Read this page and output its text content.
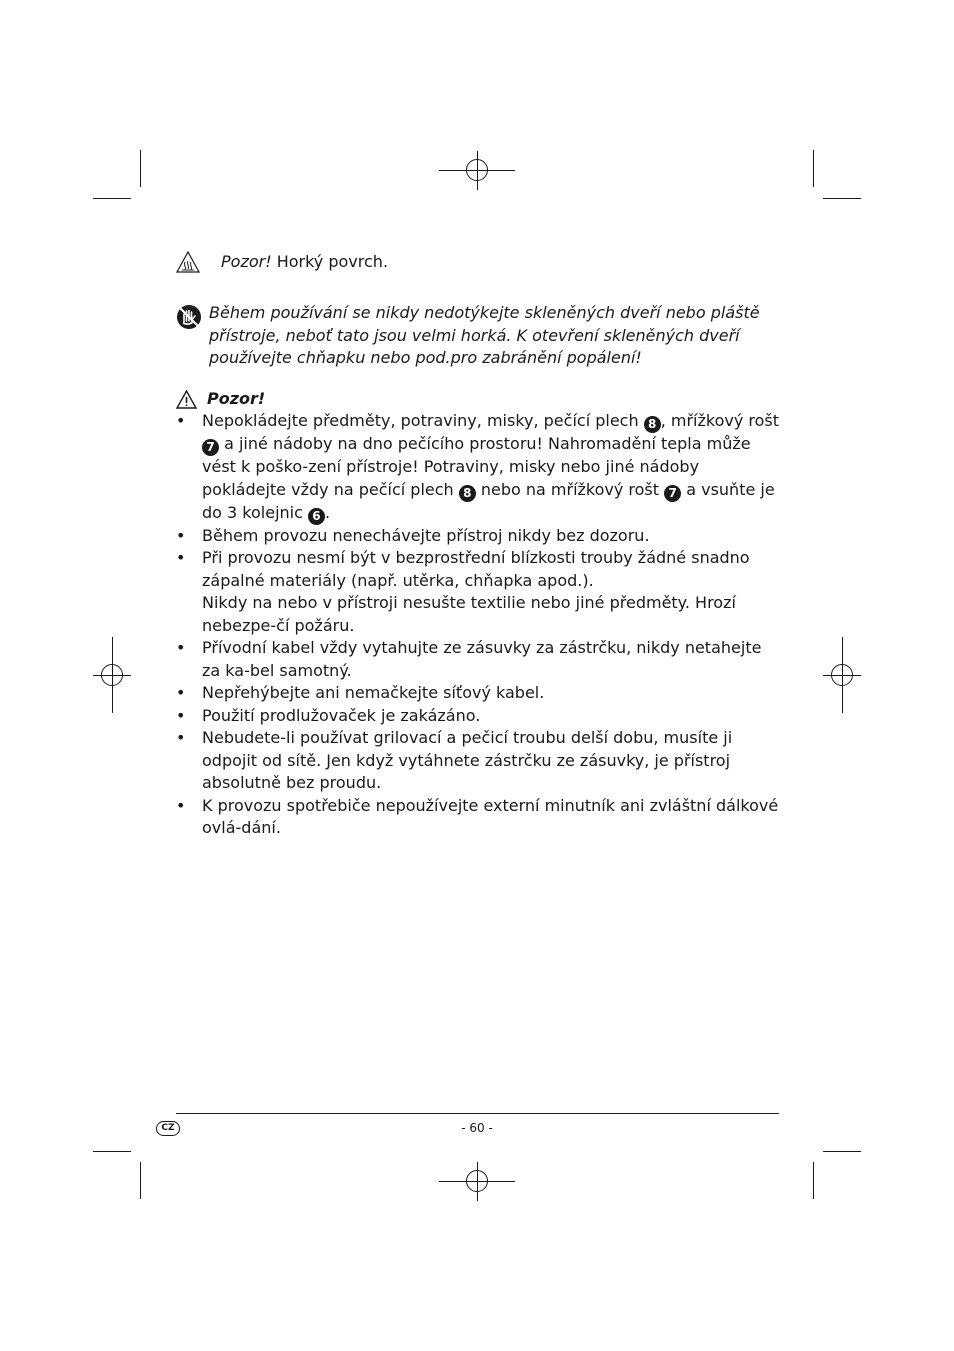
Pozor! Horký povrch.
Během používání se nikdy nedotýkejte skleněných dveří nebo pláště přístroje, neboť tato jsou velmi horká. K otevření skleněných dveří používejte chňapku nebo pod.pro zabránění popálení!
Pozor!
• Nepokládejte předměty, potraviny, misky, pečící plech 8 , mřížkový rošt 7 a jiné nádoby na dno pečícího prostoru! Nahromadění tepla může vést k poško-zení přístroje! Potraviny, misky nebo jiné nádoby pokládejte vždy na pečící plech 8 nebo na mřížkový rošt 7 a vsuňte je do 3 kolejnic 6 .
• Během provozu nenechávejte přístroj nikdy bez dozoru.
• Při provozu nesmí být v bezprostřední blízkosti trouby žádné snadno zápalné materiály (např. utěrka, chňapka apod.).
Nikdy na nebo v přístroji nesušte textilie nebo jiné předměty. Hrozí nebezpe-čí požáru.
• Přívodní kabel vždy vytahujte ze zásuvky za zástrčku, nikdy netahejte za ka-bel samotný.
• Nepřehýbejte ani nemačkejte síťový kabel.
• Použití prodlužovaček je zakázáno.
• Nebudete-li používat grilovací a pečicí troubu delší dobu, musíte ji odpojit od sítě. Jen když vytáhnete zástrčku ze zásuvky, je přístroj absolutně bez proudu.
• K provozu spotřebiče nepoužívejte externí minutník ani zvláštní dálkové ovlá-dání.
CZ	- 60 -
